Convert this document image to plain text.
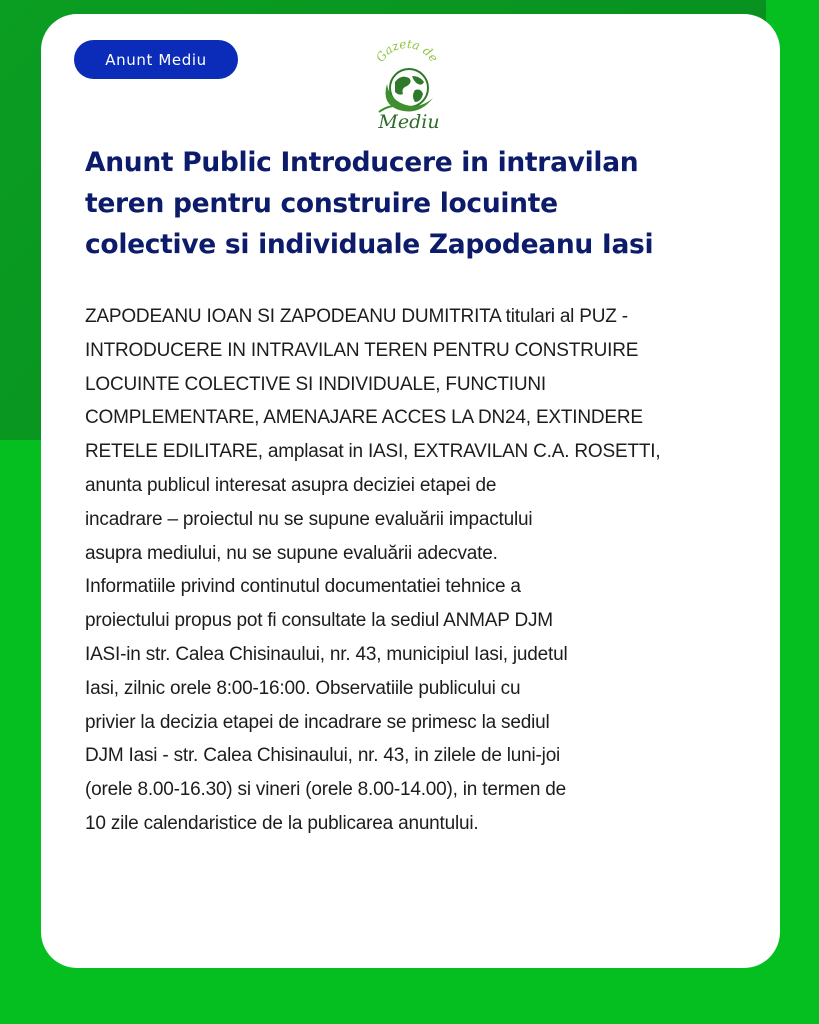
Anunt Mediu	Gazeta de
Mediu
Anunt Public Introducere in intravilan
teren pentru construire locuinte
colective si individuale Zapodeanu Iasi

ZAPODEANU IOAN SI ZAPODEANU DUMITRITA titulari al PUZ -
INTRODUCERE IN INTRAVILAN TEREN PENTRU CONSTRUIRE
LOCUINTE COLECTIVE SI INDIVIDUALE, FUNCTIUNI
COMPLEMENTARE, AMENAJARE ACCES LA DN24, EXTINDERE
RETELE EDILITARE, amplasat in IASI, EXTRAVILAN C.A. ROSETTI,
anunta publicul interesat asupra deciziei etapei de
incadrare – proiectul nu se supune evaluării impactului
asupra mediului, nu se supune evaluării adecvate.
Informatiile privind continutul documentatiei tehnice a
proiectului propus pot fi consultate la sediul ANMAP DJM
IASI-in str. Calea Chisinaului, nr. 43, municipiul Iasi, judetul
Iasi, zilnic orele 8:00-16:00. Observatiile publicului cu
privier la decizia etapei de incadrare se primesc la sediul
DJM Iasi - str. Calea Chisinaului, nr. 43, in zilele de luni-joi
(orele 8.00-16.30) si vineri (orele 8.00-14.00), in termen de
10 zile calendaristice de la publicarea anuntului.
